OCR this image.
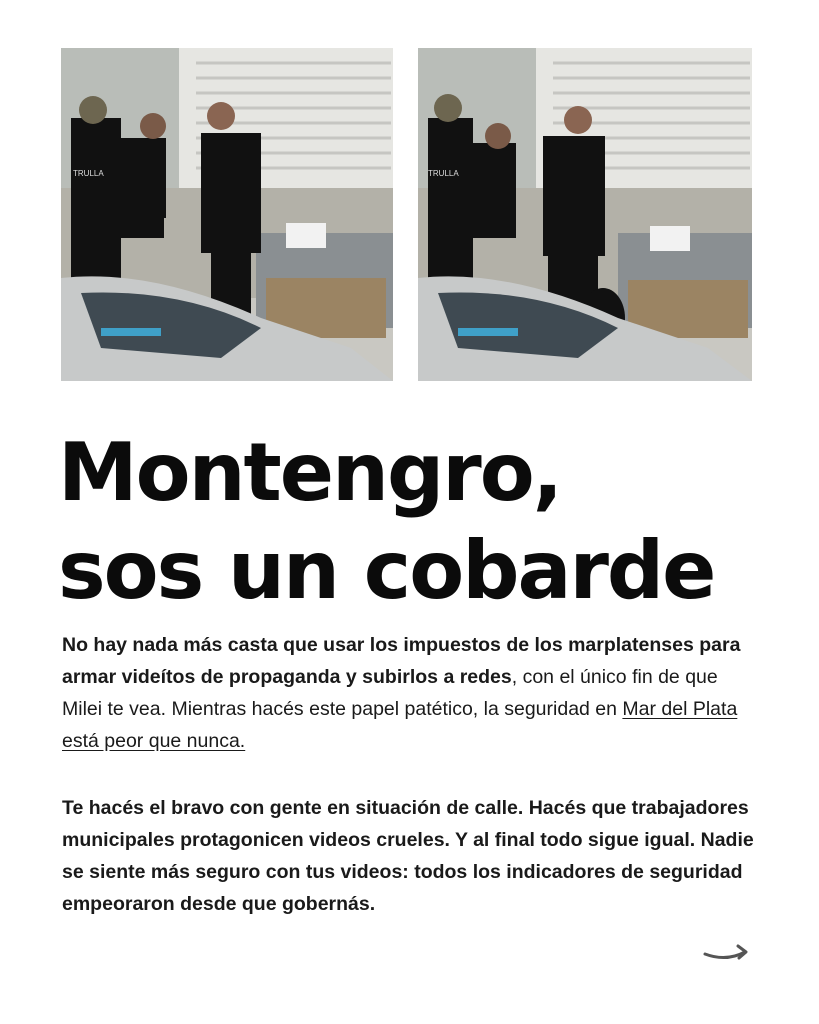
TRULLA	TRULLA
Montengro,
sos un cobarde

No hay nada más casta que usar los impuestos de los marplatenses para armar videítos de propaganda y subirlos a redes, con el único fin de que Milei te vea. Mientras hacés este papel patético, la seguridad en Mar del Plata está peor que nunca.

Te hacés el bravo con gente en situación de calle. Hacés que trabajadores municipales protagonicen videos crueles. Y al final todo sigue igual. Nadie se siente más seguro con tus videos: todos los indicadores de seguridad empeoraron desde que gobernás.
